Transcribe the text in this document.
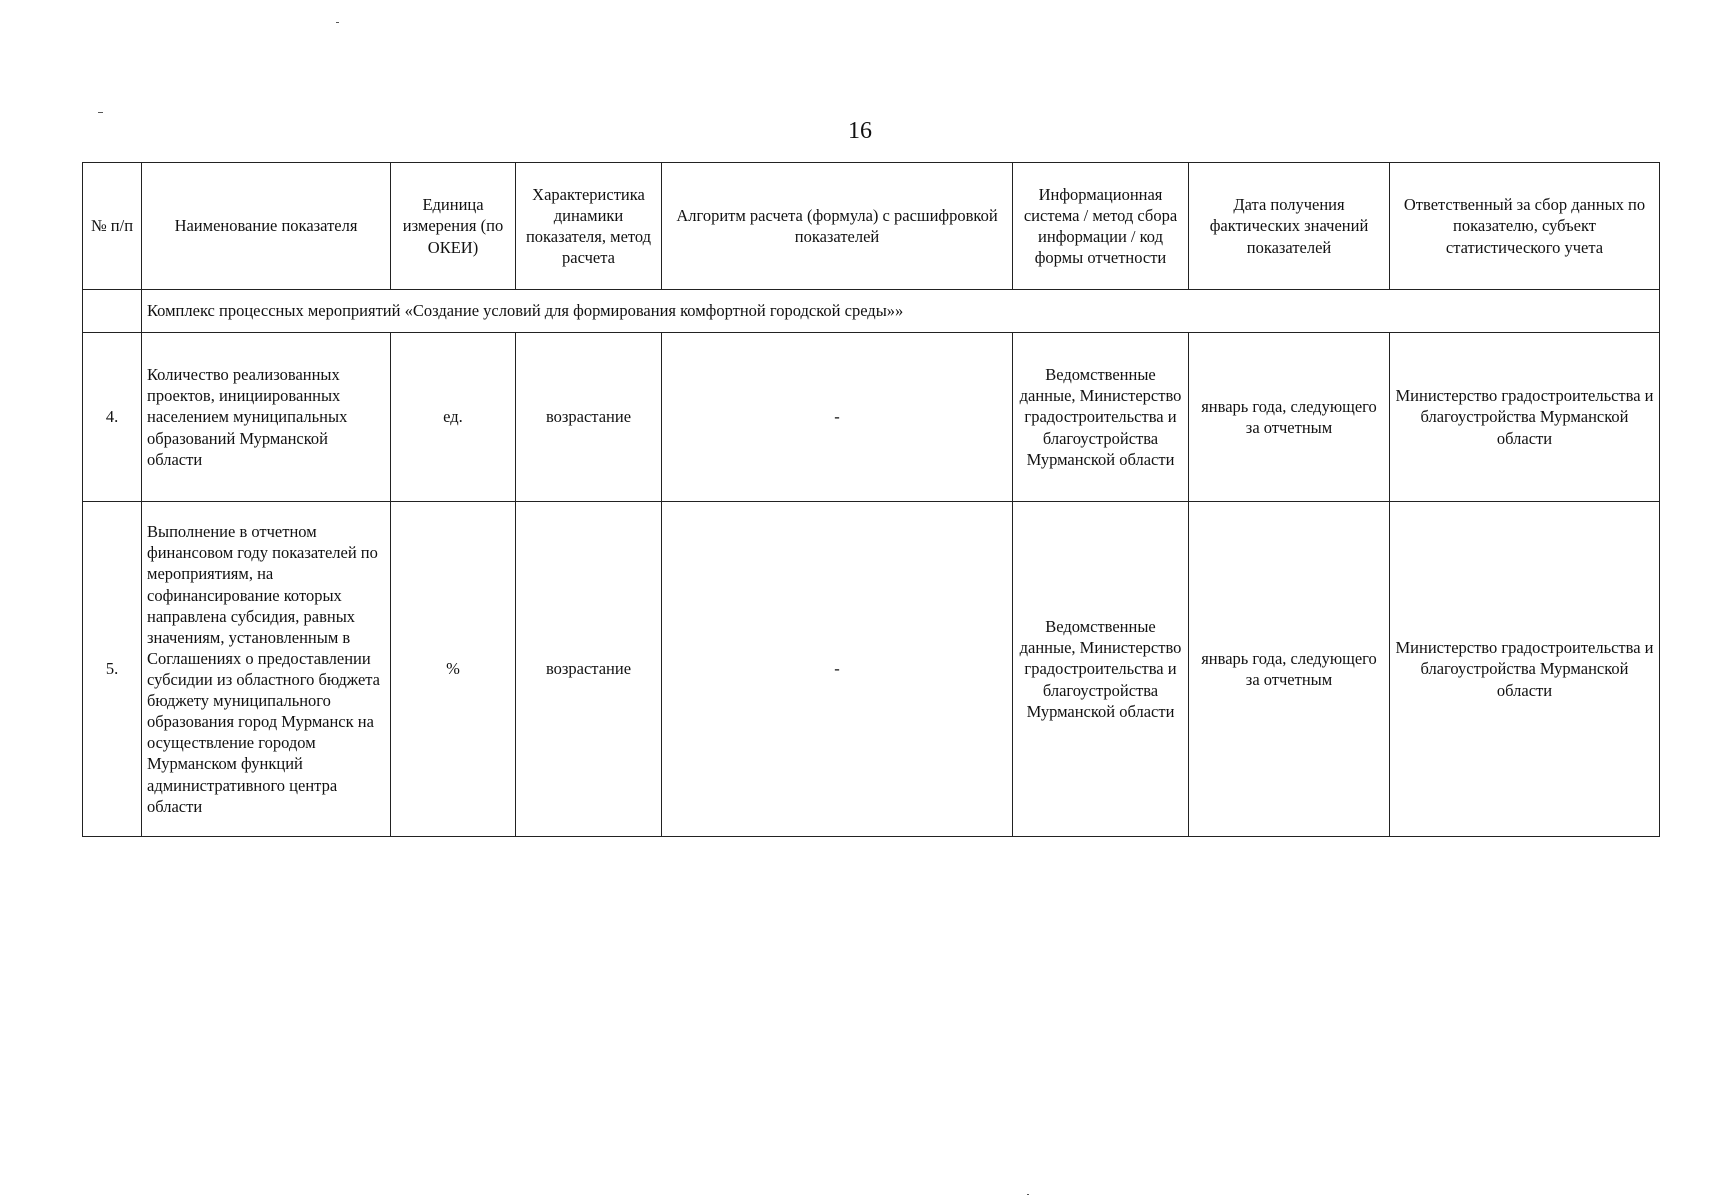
16
№ п/п	Наименование показателя	Единица измерения (по ОКЕИ)	Характеристика динамики показателя, метод расчета	Алгоритм расчета (формула) с расшифровкой показателей	Информационная система / метод сбора информации / код формы отчетности	Дата получения фактических значений показателей	Ответственный за сбор данных по показателю, субъект статистического учета
	Комплекс процессных мероприятий «Создание условий для формирования комфортной городской среды»»						
4.	Количество реализованных проектов, инициированных населением муниципальных образований Мурманской области	ед.	возрастание	-	Ведомственные данные, Министерство градостроительства и благоустройства Мурманской области	январь года, следующего за отчетным	Министерство градостроительства и благоустройства Мурманской области
5.	Выполнение в отчетном финансовом году показателей по мероприятиям, на софинансирование которых направлена субсидия, равных значениям, установленным в Соглашениях о предоставлении субсидии из областного бюджета бюджету муниципального образования город Мурманск на осуществление городом Мурманском функций административного центра области	%	возрастание	-	Ведомственные данные, Министерство градостроительства и благоустройства Мурманской области	январь года, следующего за отчетным	Министерство градостроительства и благоустройства Мурманской области
